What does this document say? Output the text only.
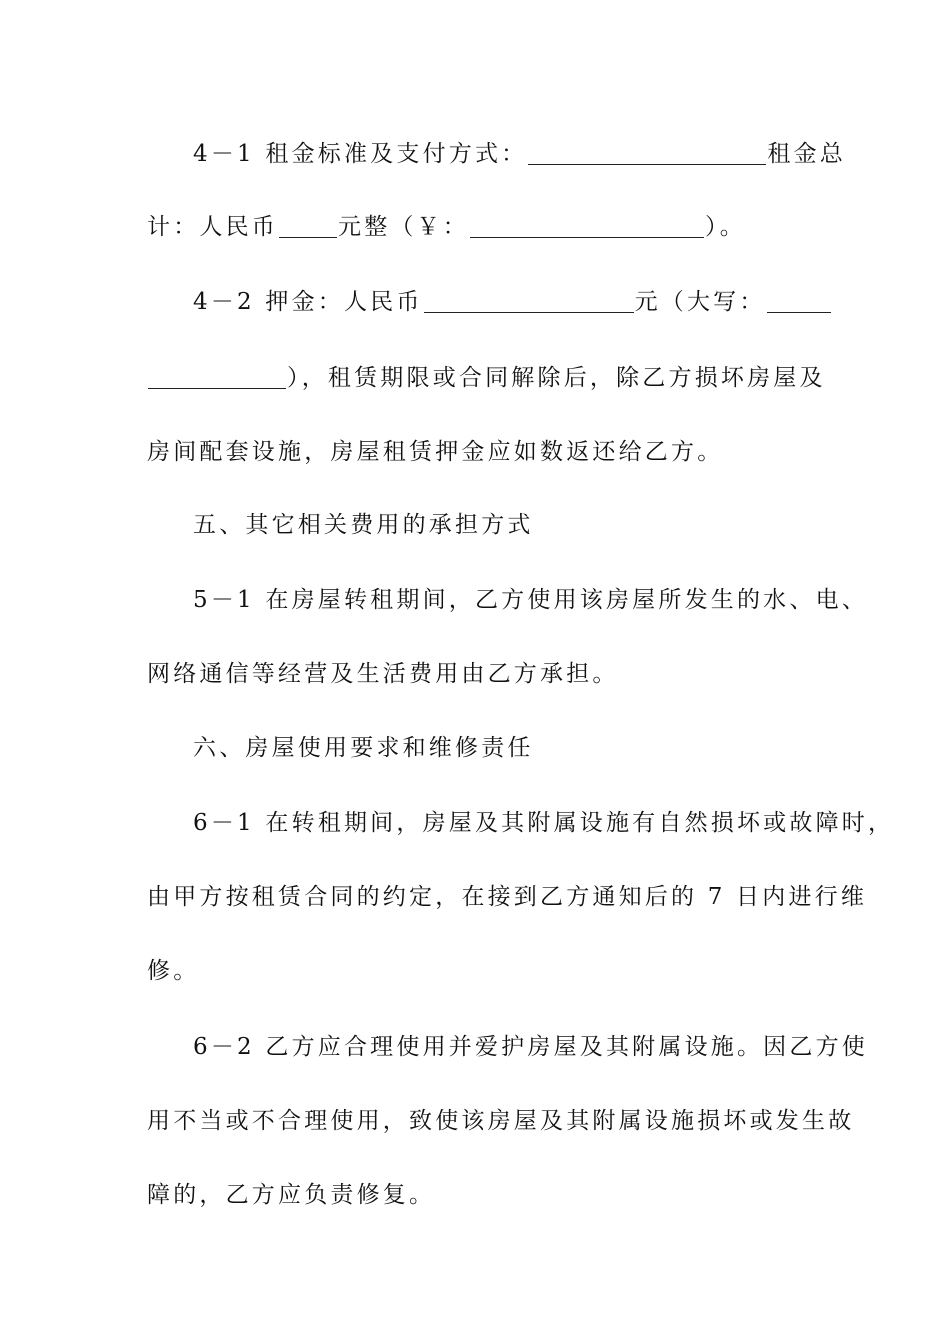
4－1 租金标准及支付方式：	租金总
计：人民币	元整（￥：	）。
4－2 押金：人民币	元（大写：
），租赁期限或合同解除后，除乙方损坏房屋及
房间配套设施，房屋租赁押金应如数返还给乙方。
五、其它相关费用的承担方式
5－1 在房屋转租期间，乙方使用该房屋所发生的水、电、
网络通信等经营及生活费用由乙方承担。
六、房屋使用要求和维修责任
6－1 在转租期间，房屋及其附属设施有自然损坏或故障时，
由甲方按租赁合同的约定，在接到乙方通知后的 7 日内进行维
修。
6－2 乙方应合理使用并爱护房屋及其附属设施。因乙方使
用不当或不合理使用，致使该房屋及其附属设施损坏或发生故
障的，乙方应负责修复。
